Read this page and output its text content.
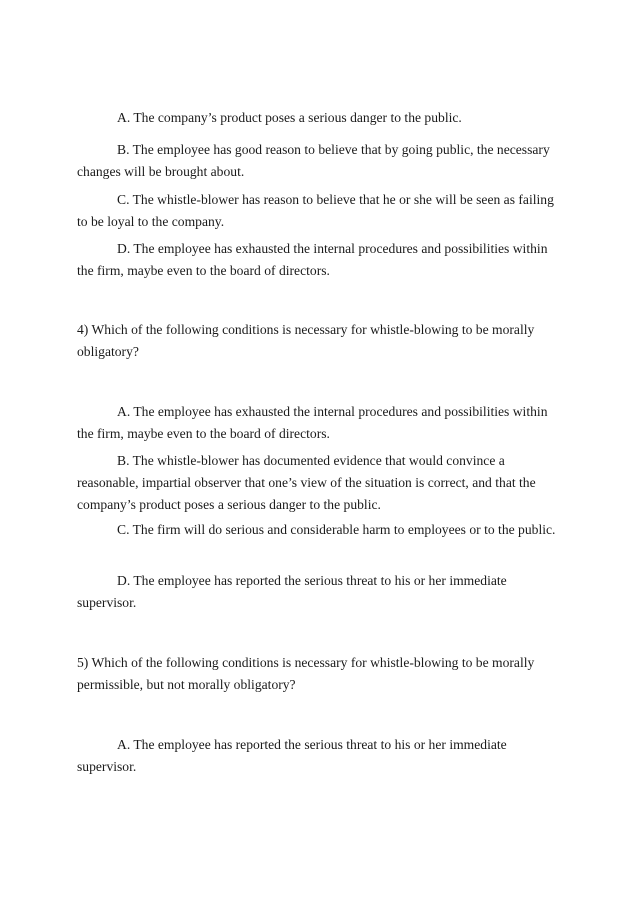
A. The company’s product poses a serious danger to the public.

B. The employee has good reason to believe that by going public, the necessary changes will be brought about.

C. The whistle-blower has reason to believe that he or she will be seen as failing to be loyal to the company.

D. The employee has exhausted the internal procedures and possibilities within the firm, maybe even to the board of directors.

4) Which of the following conditions is necessary for whistle-blowing to be morally obligatory?

A. The employee has exhausted the internal procedures and possibilities within the firm, maybe even to the board of directors.

B. The whistle-blower has documented evidence that would convince a reasonable, impartial observer that one’s view of the situation is correct, and that the company’s product poses a serious danger to the public.

C. The firm will do serious and considerable harm to employees or to the public.

D. The employee has reported the serious threat to his or her immediate supervisor.

5) Which of the following conditions is necessary for whistle-blowing to be morally permissible, but not morally obligatory?

A. The employee has reported the serious threat to his or her immediate supervisor.
